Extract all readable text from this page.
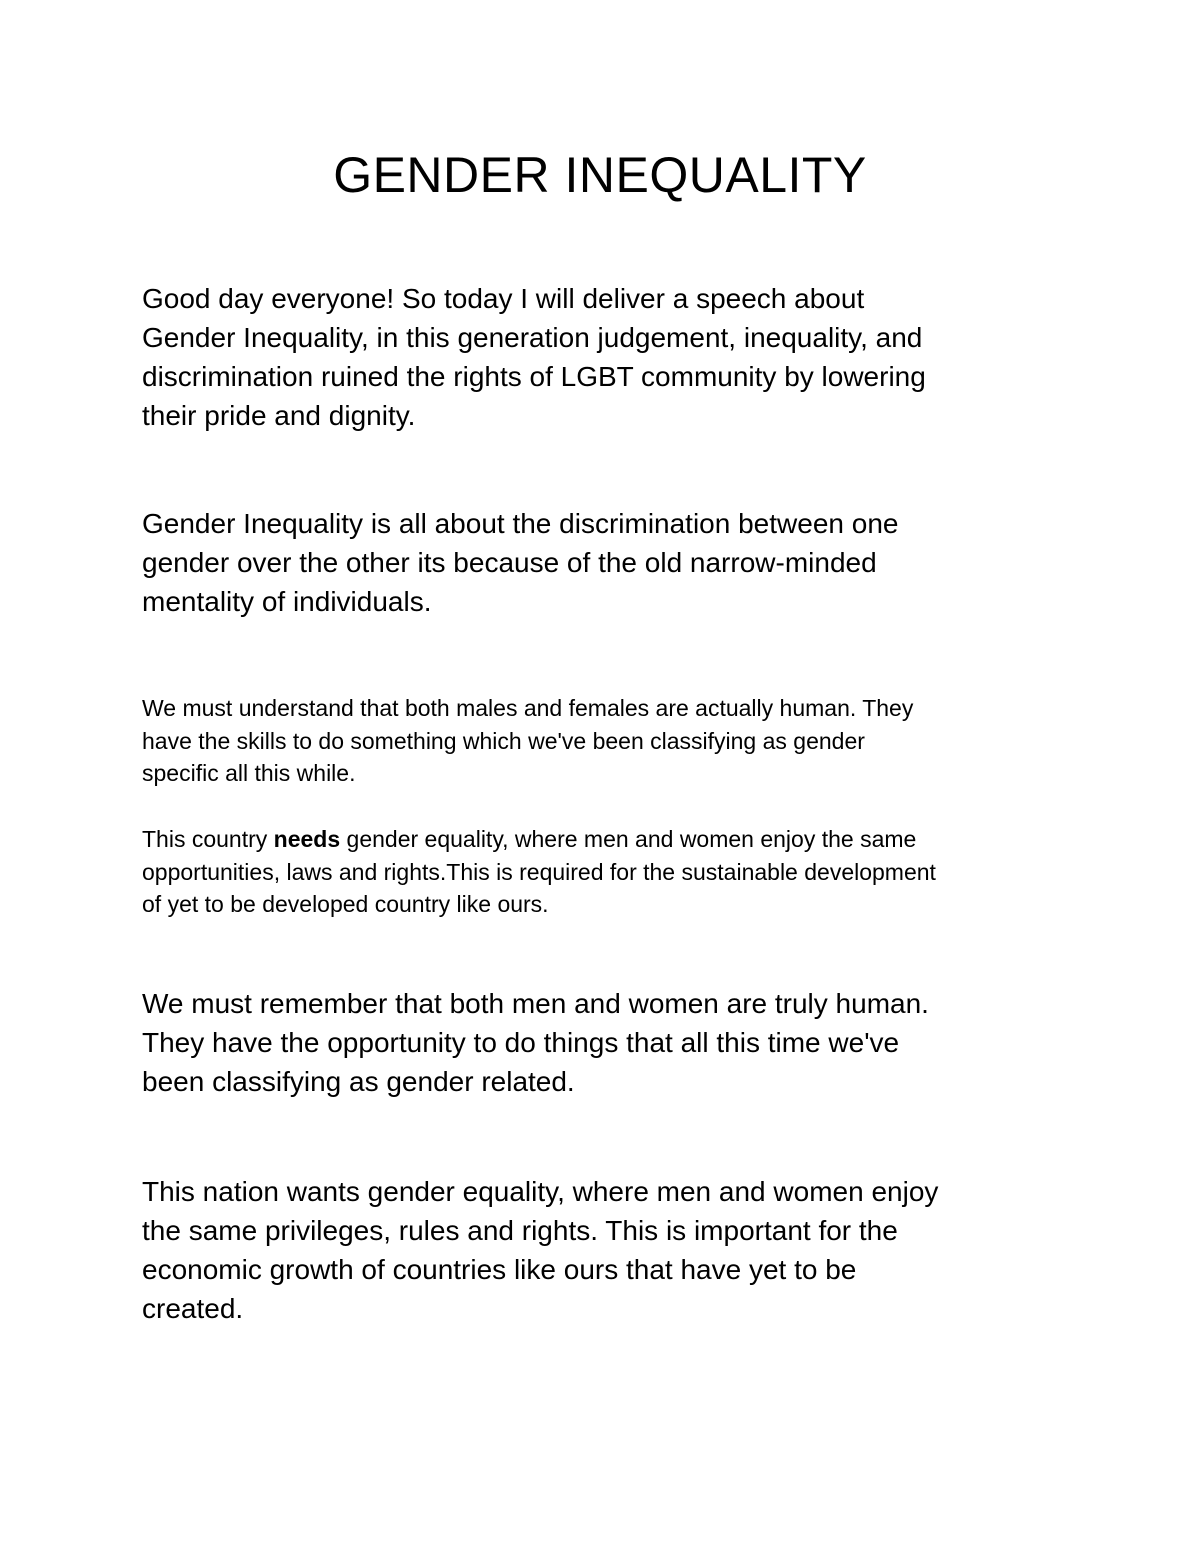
GENDER INEQUALITY

Good day everyone! So today I will deliver a speech about
Gender Inequality, in this generation judgement, inequality, and
discrimination ruined the rights of LGBT community by lowering
their pride and dignity.

Gender Inequality is all about the discrimination between one
gender over the other its because of the old narrow-minded
mentality of individuals.

We must understand that both males and females are actually human. They
have the skills to do something which we've been classifying as gender
specific all this while.

This country needs gender equality, where men and women enjoy the same
opportunities, laws and rights.This is required for the sustainable development
of yet to be developed country like ours.

We must remember that both men and women are truly human.
They have the opportunity to do things that all this time we've
been classifying as gender related.

This nation wants gender equality, where men and women enjoy
the same privileges, rules and rights. This is important for the
economic growth of countries like ours that have yet to be
created.
